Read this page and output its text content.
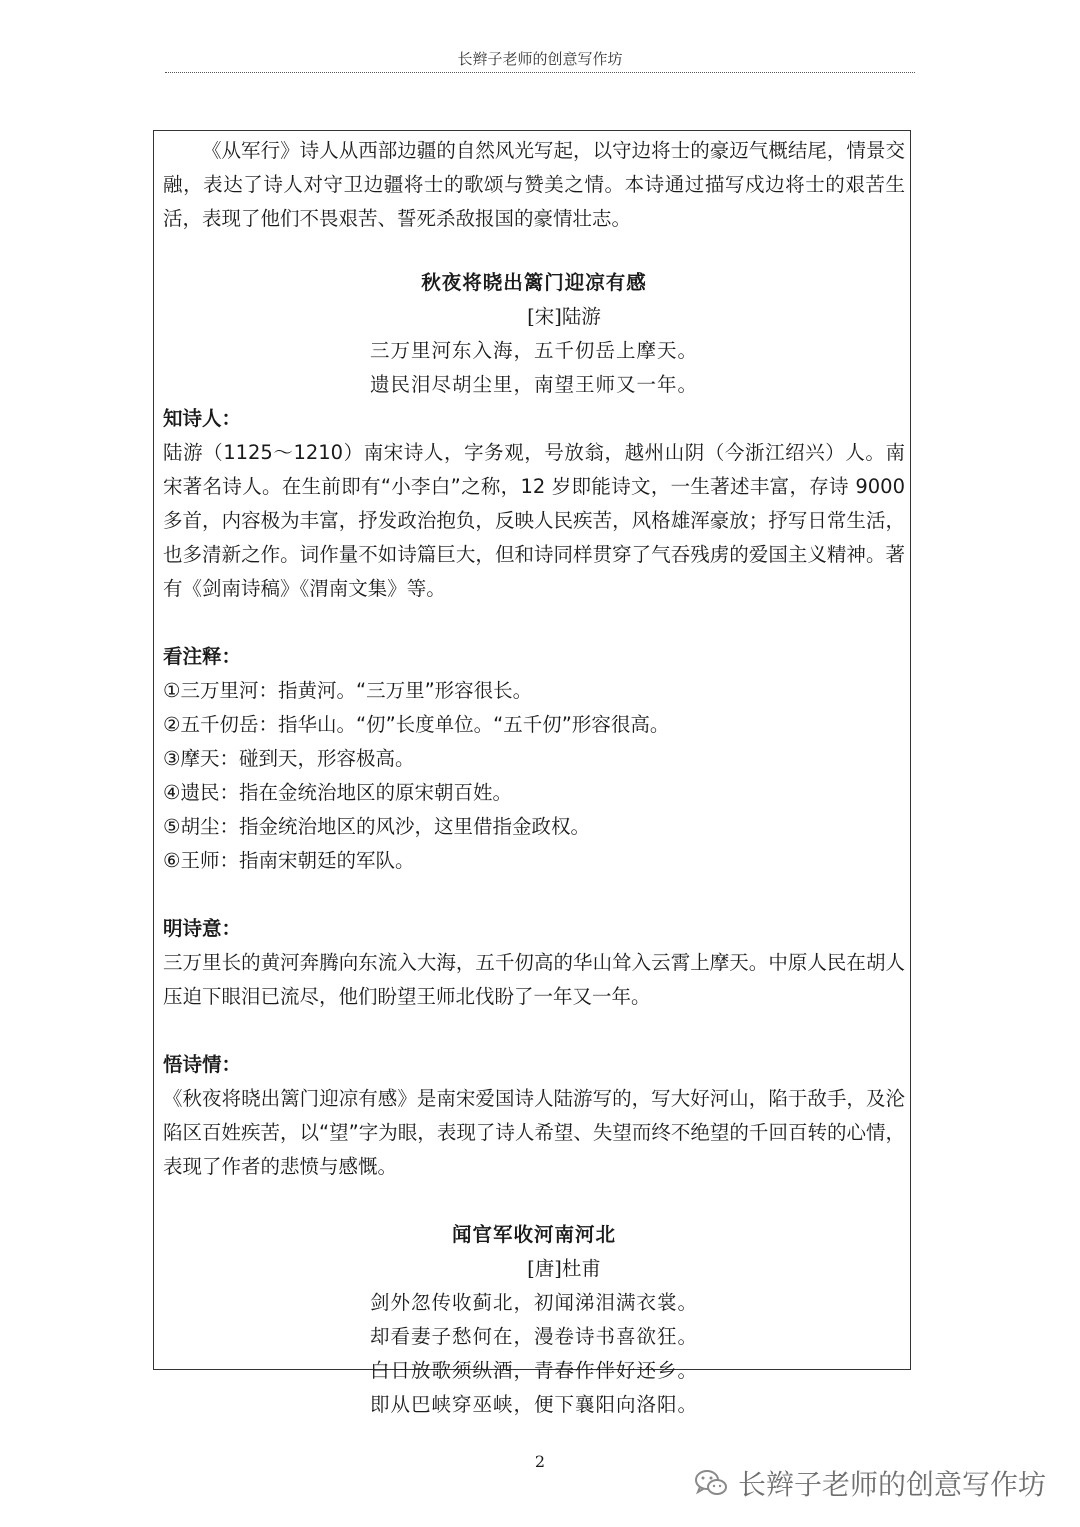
长辫子老师的创意写作坊

《从军行》诗人从西部边疆的自然风光写起，以守边将士的豪迈气概结尾，情景交融，表达了诗人对守卫边疆将士的歌颂与赞美之情。本诗通过描写戍边将士的艰苦生活，表现了他们不畏艰苦、誓死杀敌报国的豪情壮志。

秋夜将晓出篱门迎凉有感
[宋]陆游
三万里河东入海，五千仞岳上摩天。
遗民泪尽胡尘里，南望王师又一年。

知诗人：

陆游（1125～1210）南宋诗人，字务观，号放翁，越州山阴（今浙江绍兴）人。南宋著名诗人。在生前即有“小李白”之称，12 岁即能诗文，一生著述丰富，存诗 9000 多首，内容极为丰富，抒发政治抱负，反映人民疾苦，风格雄浑豪放；抒写日常生活，也多清新之作。词作量不如诗篇巨大，但和诗同样贯穿了气吞残虏的爱国主义精神。著有《剑南诗稿》《渭南文集》等。

看注释：

①三万里河：指黄河。“三万里”形容很长。

②五千仞岳：指华山。“仞”长度单位。“五千仞”形容很高。

③摩天：碰到天，形容极高。

④遗民：指在金统治地区的原宋朝百姓。

⑤胡尘：指金统治地区的风沙，这里借指金政权。

⑥王师：指南宋朝廷的军队。

明诗意：

三万里长的黄河奔腾向东流入大海，五千仞高的华山耸入云霄上摩天。中原人民在胡人压迫下眼泪已流尽，他们盼望王师北伐盼了一年又一年。

悟诗情：

《秋夜将晓出篱门迎凉有感》是南宋爱国诗人陆游写的，写大好河山，陷于敌手，及沦陷区百姓疾苦，以“望”字为眼，表现了诗人希望、失望而终不绝望的千回百转的心情，表现了作者的悲愤与感慨。

闻官军收河南河北
[唐]杜甫
剑外忽传收蓟北，初闻涕泪满衣裳。
却看妻子愁何在，漫卷诗书喜欲狂。
白日放歌须纵酒，青春作伴好还乡。
即从巴峡穿巫峡，便下襄阳向洛阳。
2
长辫子老师的创意写作坊
